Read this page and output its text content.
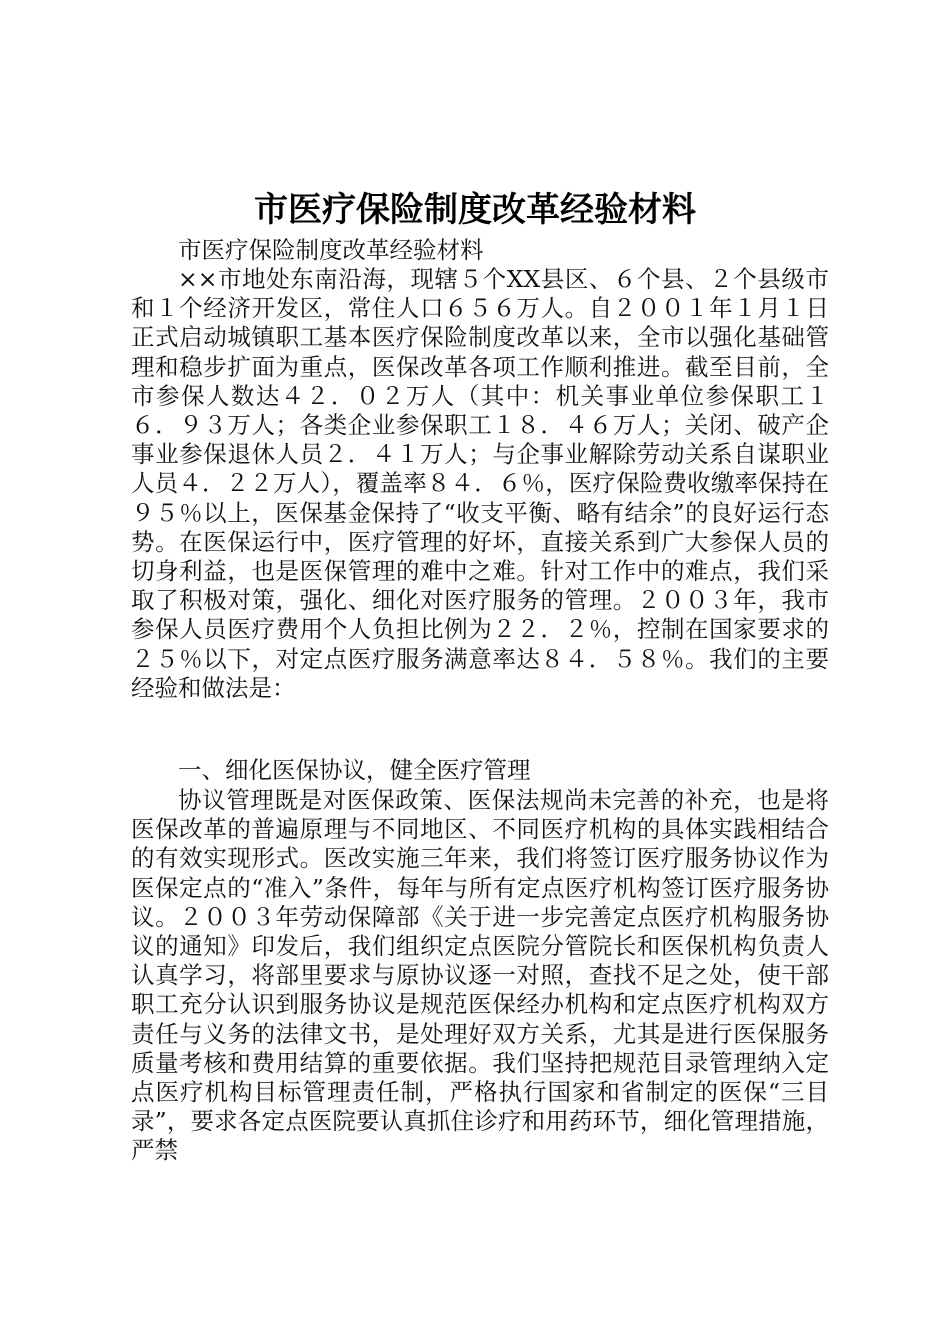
市医疗保险制度改革经验材料

市医疗保险制度改革经验材料

××市地处东南沿海，现辖５个XX县区、６个县、２个县级市和１个经济开发区，常住人口６５６万人。自２００１年１月１日正式启动城镇职工基本医疗保险制度改革以来，全市以强化基础管理和稳步扩面为重点，医保改革各项工作顺利推进。截至目前，全市参保人数达４２．０２万人（其中：机关事业单位参保职工１６．９３万人；各类企业参保职工１８．４６万人；关闭、破产企事业参保退休人员２．４１万人；与企事业解除劳动关系自谋职业人员４．２２万人），覆盖率８４．６％，医疗保险费收缴率保持在９５％以上，医保基金保持了“收支平衡、略有结余”的良好运行态势。在医保运行中，医疗管理的好坏，直接关系到广大参保人员的切身利益，也是医保管理的难中之难。针对工作中的难点，我们采取了积极对策，强化、细化对医疗服务的管理。２００３年，我市参保人员医疗费用个人负担比例为２２．２％，控制在国家要求的２５％以下，对定点医疗服务满意率达８４．５８％。我们的主要经验和做法是：

一、细化医保协议，健全医疗管理

协议管理既是对医保政策、医保法规尚未完善的补充，也是将医保改革的普遍原理与不同地区、不同医疗机构的具体实践相结合的有效实现形式。医改实施三年来，我们将签订医疗服务协议作为医保定点的“准入”条件，每年与所有定点医疗机构签订医疗服务协议。２００３年劳动保障部《关于进一步完善定点医疗机构服务协议的通知》印发后，我们组织定点医院分管院长和医保机构负责人认真学习，将部里要求与原协议逐一对照，查找不足之处，使干部职工充分认识到服务协议是规范医保经办机构和定点医疗机构双方责任与义务的法律文书，是处理好双方关系，尤其是进行医保服务质量考核和费用结算的重要依据。我们坚持把规范目录管理纳入定点医疗机构目标管理责任制，严格执行国家和省制定的医保“三目录”，要求各定点医院要认真抓住诊疗和用药环节，细化管理措施，严禁
